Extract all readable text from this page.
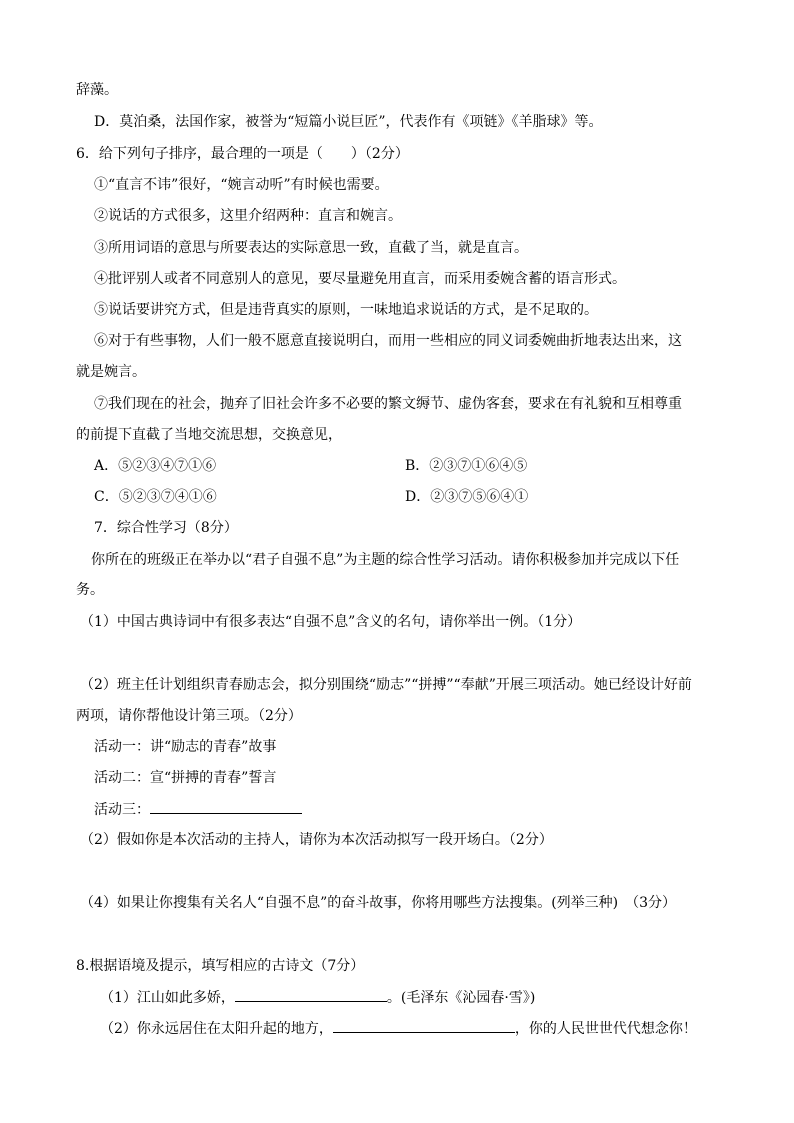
辞藻。
D．莫泊桑，法国作家，被誉为“短篇小说巨匠”，代表作有《项链》《羊脂球》等。
6．给下列句子排序，最合理的一项是（　　）（2分）
①“直言不讳”很好，“婉言动听”有时候也需要。
②说话的方式很多，这里介绍两种：直言和婉言。
③所用词语的意思与所要表达的实际意思一致，直截了当，就是直言。
④批评别人或者不同意别人的意见，要尽量避免用直言，而采用委婉含蓄的语言形式。
⑤说话要讲究方式，但是违背真实的原则，一味地追求说话的方式，是不足取的。
⑥对于有些事物，人们一般不愿意直接说明白，而用一些相应的同义词委婉曲折地表达出来，这
就是婉言。
⑦我们现在的社会，抛弃了旧社会许多不必要的繁文缛节、虚伪客套，要求在有礼貌和互相尊重
的前提下直截了当地交流思想，交换意见，
A．⑤②③④⑦①⑥	B．②③⑦①⑥④⑤
C．⑤②③⑦④①⑥	D．②③⑦⑤⑥④①
7．综合性学习（8分）
你所在的班级正在举办以“君子自强不息”为主题的综合性学习活动。请你积极参加并完成以下任
务。
（1）中国古典诗词中有很多表达“自强不息”含义的名句，请你举出一例。（1分）
（2）班主任计划组织青春励志会，拟分别围绕“励志”“拼搏”“奉献”开展三项活动。她已经设计好前
两项，请你帮他设计第三项。（2分）
活动一：讲“励志的青春”故事
活动二：宣“拼搏的青春”誓言
活动三：
（2）假如你是本次活动的主持人，请你为本次活动拟写一段开场白。（2分）
（4）如果让你搜集有关名人“自强不息”的奋斗故事，你将用哪些方法搜集。(列举三种)　（3分）
8.根据语境及提示，填写相应的古诗文（7分）
（1）江山如此多娇，	。(毛泽东《沁园春·雪》)
（2）你永远居住在太阳升起的地方，	，你的人民世世代代想念你！
